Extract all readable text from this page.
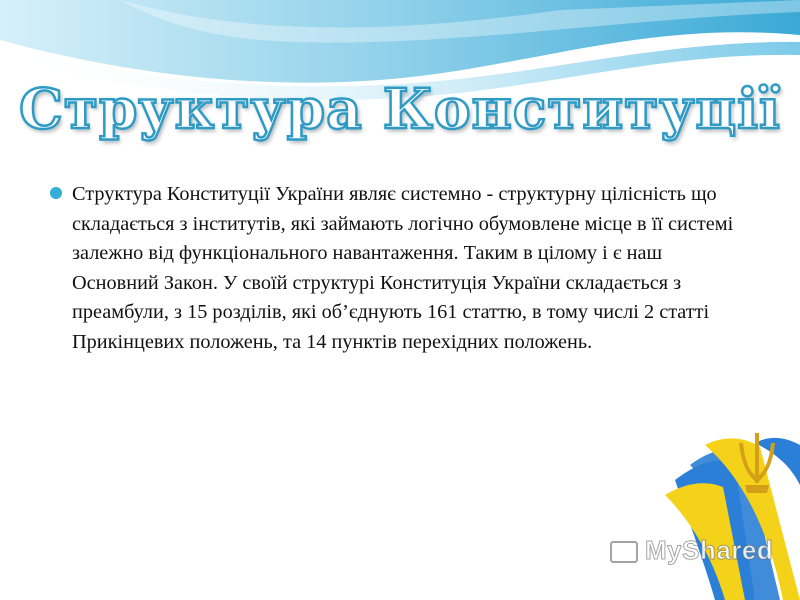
Структура Конституції

Структура Конституції України являє системно - структурну цілісність що складається з інститутів, які займають логічно обумовлене місце в її системі залежно від функціонального навантаження. Таким в цілому і є наш Основний Закон. У своїй структурі Конституція України складається з преамбули, з 15 розділів, які об’єднують 161 статтю, в тому числі 2 статті Прикінцевих положень, та 14 пунктів перехідних положень.

MyShared
